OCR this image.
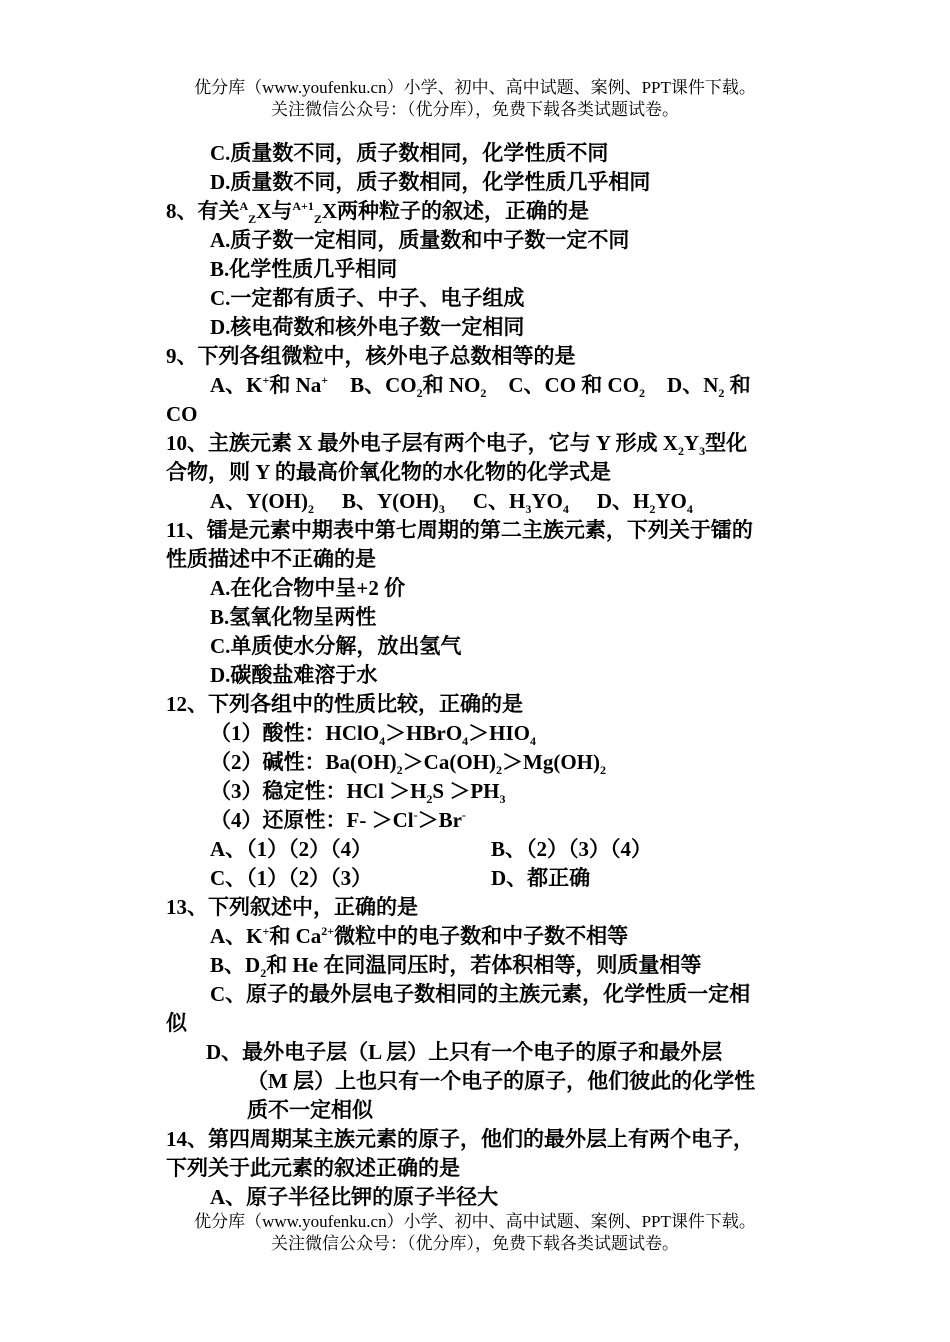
优分库（www.youfenku.cn）小学、初中、高中试题、案例、PPT课件下载。
关注微信公众号：（优分库），免费下载各类试题试卷。
C.质量数不同，质子数相同，化学性质不同
D.质量数不同，质子数相同，化学性质几乎相同
8、有关$^A_Z$X与$^{A+1}_Z$X两种粒子的叙述，正确的是
A.质子数一定相同，质量数和中子数一定不同
B.化学性质几乎相同
C.一定都有质子、中子、电子组成
D.核电荷数和核外电子数一定相同
9、下列各组微粒中，核外电子总数相等的是
A、K+和 Na+ B、$CO_2$和 $NO_2$ C、CO 和 $CO_2$ D、$N_2$ 和
CO
10、主族元素 X 最外电子层有两个电子，它与 Y 形成 $X_2Y_3$型化
合物，则 Y 的最高价氧化物的水化物的化学式是
A、$Y(OH)_2$ B、$Y(OH)_3$ C、$H_3YO_4$ D、$H_2YO_4$
11、镭是元素中期表中第七周期的第二主族元素，下列关于镭的
性质描述中不正确的是
A.在化合物中呈+2 价
B.氢氧化物呈两性
C.单质使水分解，放出氢气
D.碳酸盐难溶于水
12、下列各组中的性质比较，正确的是
（1）酸性：$HClO_4>HBrO_4>HIO_4$
（2）碱性：$Ba(OH)_2>Ca(OH)_2>Mg(OH)_2$
（3）稳定性：HCl $>H_2S >PH_3$
（4）还原性：F- ＞Cl-＞Br-
A、（1）（2）（4）	B、（2）（3）（4）
C、（1）（2）（3）	D、都正确
13、下列叙述中，正确的是
A、K+和 $Ca^{2+}$微粒中的电子数和中子数不相等
B、$D_2$和 He 在同温同压时，若体积相等，则质量相等
C、原子的最外层电子数相同的主族元素，化学性质一定相
似
D、最外电子层（L 层）上只有一个电子的原子和最外层
（M 层）上也只有一个电子的原子，他们彼此的化学性
质不一定相似
14、第四周期某主族元素的原子，他们的最外层上有两个电子，
下列关于此元素的叙述正确的是
A、原子半径比钾的原子半径大
优分库（www.youfenku.cn）小学、初中、高中试题、案例、PPT课件下载。
关注微信公众号：（优分库），免费下载各类试题试卷。
